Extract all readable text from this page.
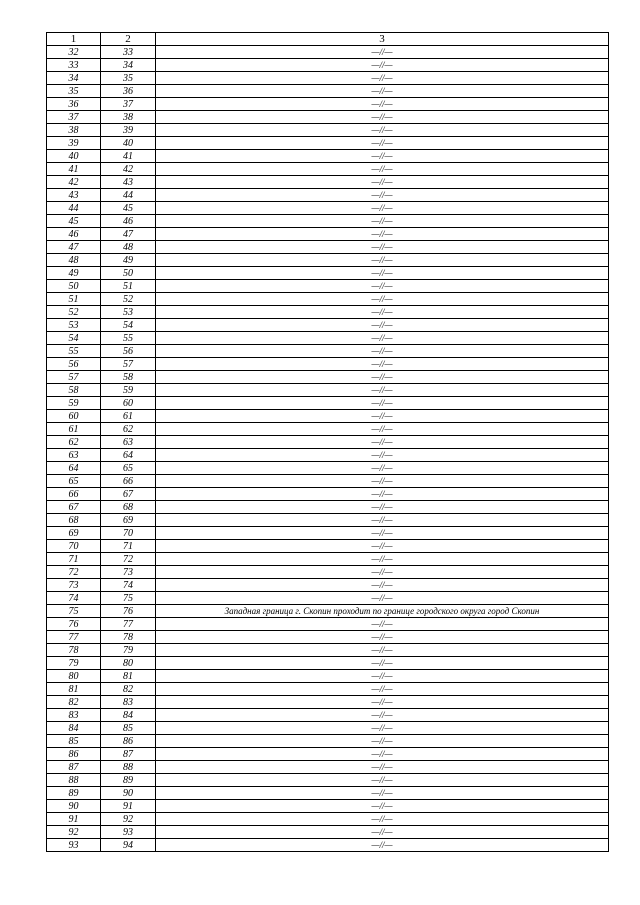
1	2	3
32	33	—//—
33	34	—//—
34	35	—//—
35	36	—//—
36	37	—//—
37	38	—//—
38	39	—//—
39	40	—//—
40	41	—//—
41	42	—//—
42	43	—//—
43	44	—//—
44	45	—//—
45	46	—//—
46	47	—//—
47	48	—//—
48	49	—//—
49	50	—//—
50	51	—//—
51	52	—//—
52	53	—//—
53	54	—//—
54	55	—//—
55	56	—//—
56	57	—//—
57	58	—//—
58	59	—//—
59	60	—//—
60	61	—//—
61	62	—//—
62	63	—//—
63	64	—//—
64	65	—//—
65	66	—//—
66	67	—//—
67	68	—//—
68	69	—//—
69	70	—//—
70	71	—//—
71	72	—//—
72	73	—//—
73	74	—//—
74	75	—//—
75	76	Западная граница г. Скопин проходит по границе городского округа город Скопин
76	77	—//—
77	78	—//—
78	79	—//—
79	80	—//—
80	81	—//—
81	82	—//—
82	83	—//—
83	84	—//—
84	85	—//—
85	86	—//—
86	87	—//—
87	88	—//—
88	89	—//—
89	90	—//—
90	91	—//—
91	92	—//—
92	93	—//—
93	94	—//—
